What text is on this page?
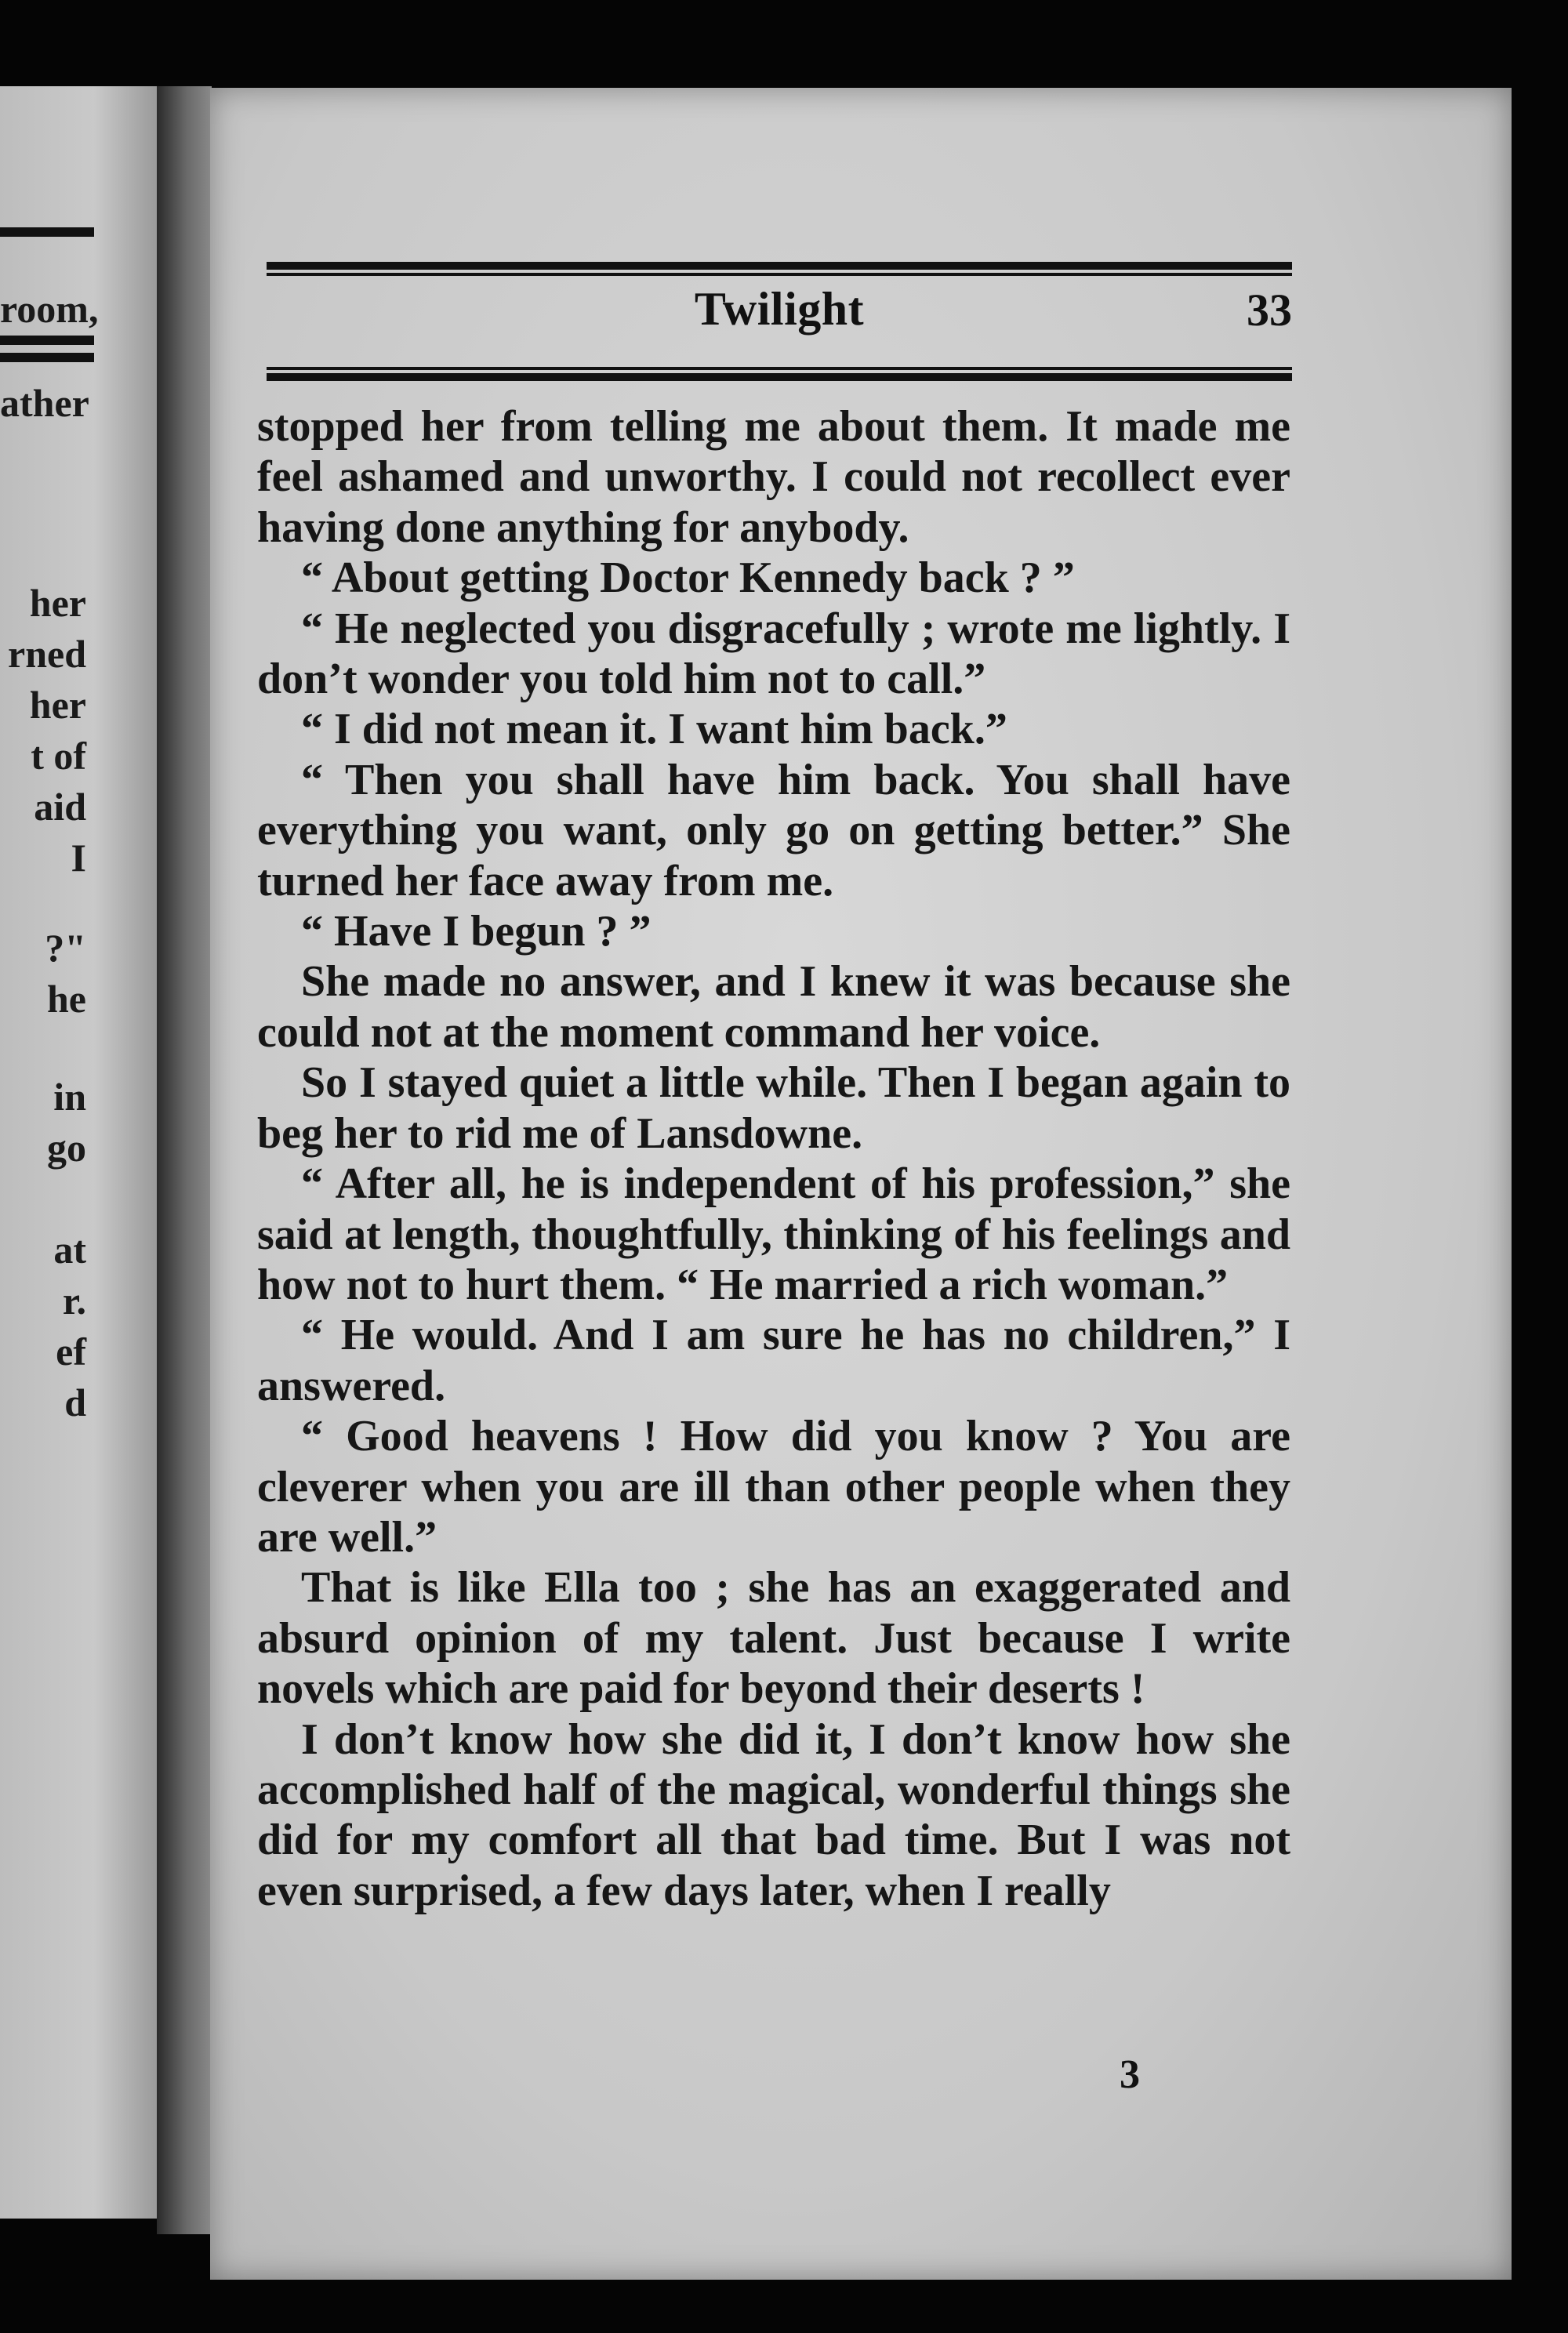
room,
ather
her
rned
her
t of
aid
I
?"
he
in
go
at
r.
ef
d
Twilight	33

stopped her from telling me about them. It made me feel ashamed and unworthy. I could not recollect ever having done anything for anybody.

“ About getting Doctor Kennedy back ? ”

“ He neglected you disgracefully ; wrote me lightly. I don’t wonder you told him not to call.”

“ I did not mean it. I want him back.”

“ Then you shall have him back. You shall have everything you want, only go on getting better.” She turned her face away from me.

“ Have I begun ? ”

She made no answer, and I knew it was because she could not at the moment command her voice.

So I stayed quiet a little while. Then I began again to beg her to rid me of Lansdowne.

“ After all, he is independent of his profession,” she said at length, thoughtfully, thinking of his feelings and how not to hurt them. “ He married a rich woman.”

“ He would. And I am sure he has no children,” I answered.

“ Good heavens ! How did you know ? You are cleverer when you are ill than other people when they are well.”

That is like Ella too ; she has an exaggerated and absurd opinion of my talent. Just because I write novels which are paid for beyond their deserts !

I don’t know how she did it, I don’t know how she accomplished half of the magical, wonderful things she did for my comfort all that bad time. But I was not even surprised, a few days later, when I really

3
